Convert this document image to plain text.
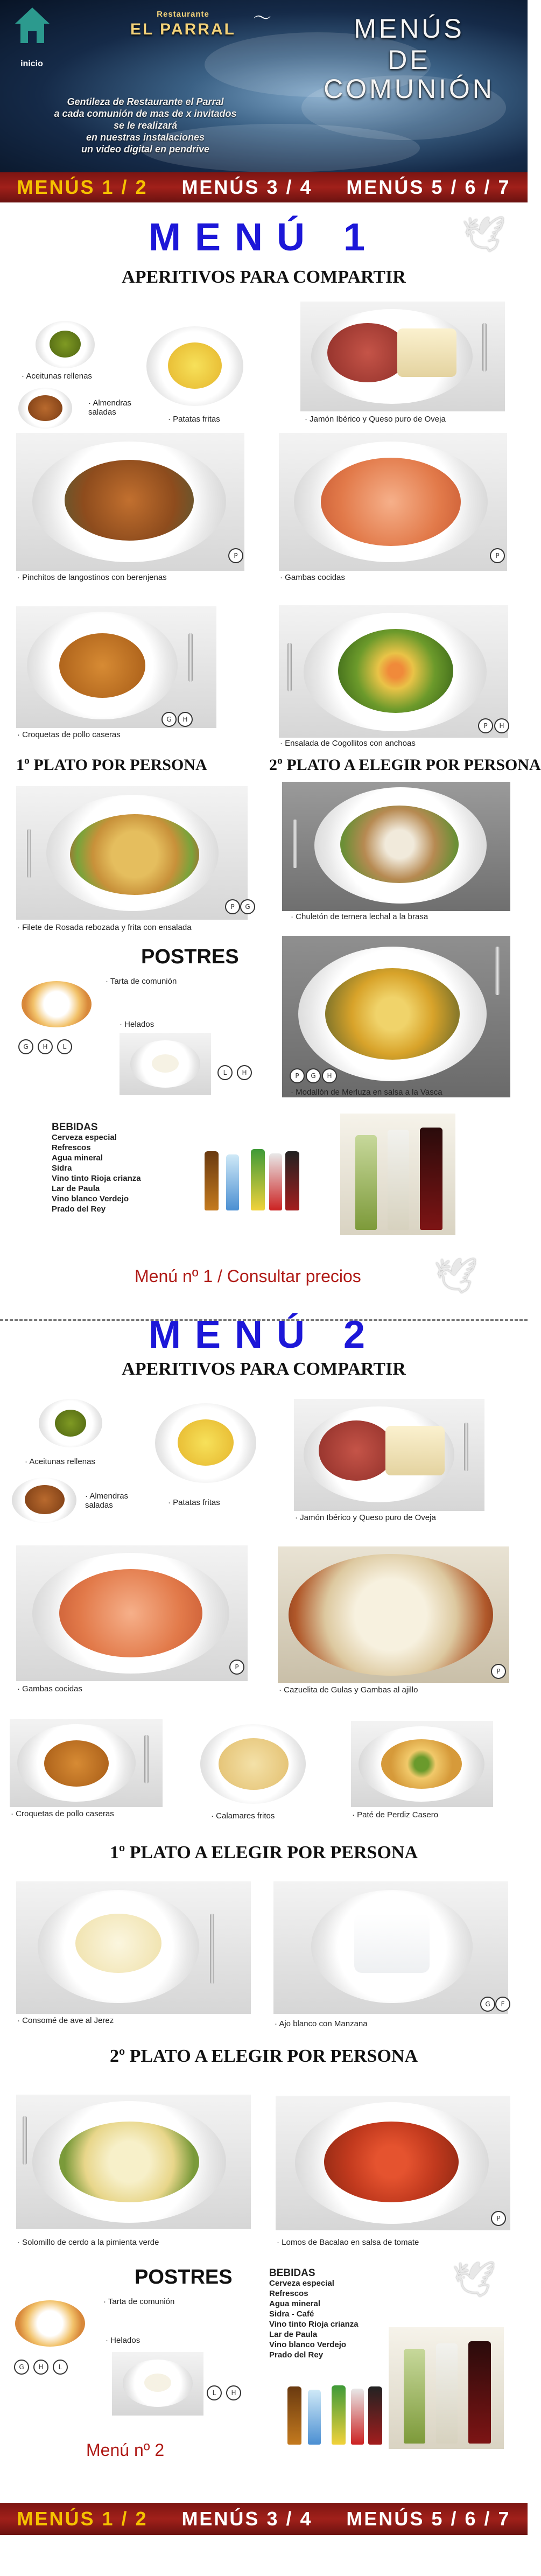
inicio
Restaurante
EL PARRAL
〜	MENÚS
DE
COMUNIÓN
Gentileza de Restaurante el Parral
a cada comunión de mas de x invitados
se le realizará
en nuestras instalaciones
un video digital en pendrive
MENÚS 1 / 2 MENÚS 3 / 4 MENÚS 5 / 6 / 7
MENÚ 1	🕊
APERITIVOS PARA COMPARTIR
· Aceitunas rellenas
· Almendras saladas
· Patatas fritas	· Jamón Ibérico y Queso puro de Oveja
P
· Pinchitos de langostinos con berenjenas
P
· Gambas cocidas
G	H
· Croquetas de pollo caseras
P	H
· Ensalada de Cogollitos con anchoas
1º PLATO POR PERSONA	2º PLATO A ELEGIR POR PERSONA
P	G
· Filete de Rosada rebozada y frita con ensalada
· Chuletón de ternera lechal a la brasa
P	G	H
· Modallón de Merluza en salsa a la Vasca
POSTRES
· Tarta de comunión
G	H	L
· Helados
L	H
BEBIDAS
Cerveza especial
Refrescos
Agua mineral
Sidra
Vino tinto Rioja crianza
Lar de Paula
Vino blanco Verdejo
Prado del Rey
Menú nº 1 / Consultar precios 🕊
MENÚ 2
APERITIVOS PARA COMPARTIR
· Aceitunas rellenas
· Almendras saladas	· Patatas fritas
· Jamón Ibérico y Queso puro de Oveja
P
· Gambas cocidas
P
· Cazuelita de Gulas y Gambas al ajillo
· Croquetas de pollo caseras	· Calamares fritos	· Paté de Perdiz Casero
1º PLATO A ELEGIR POR PERSONA
· Consomé de ave al Jerez
G	F
· Ajo blanco con Manzana
2º PLATO A ELEGIR POR PERSONA
· Solomillo de cerdo a la pimienta verde
P
· Lomos de Bacalao en salsa de tomate
POSTRES
· Tarta de comunión
G	H	L
· Helados
L	H
BEBIDAS
Cerveza especial
Refrescos
Agua mineral
Sidra - Café
Vino tinto Rioja crianza
Lar de Paula
Vino blanco Verdejo
Prado del Rey
🕊
Menú nº 2
MENÚS 1 / 2 MENÚS 3 / 4 MENÚS 5 / 6 / 7
